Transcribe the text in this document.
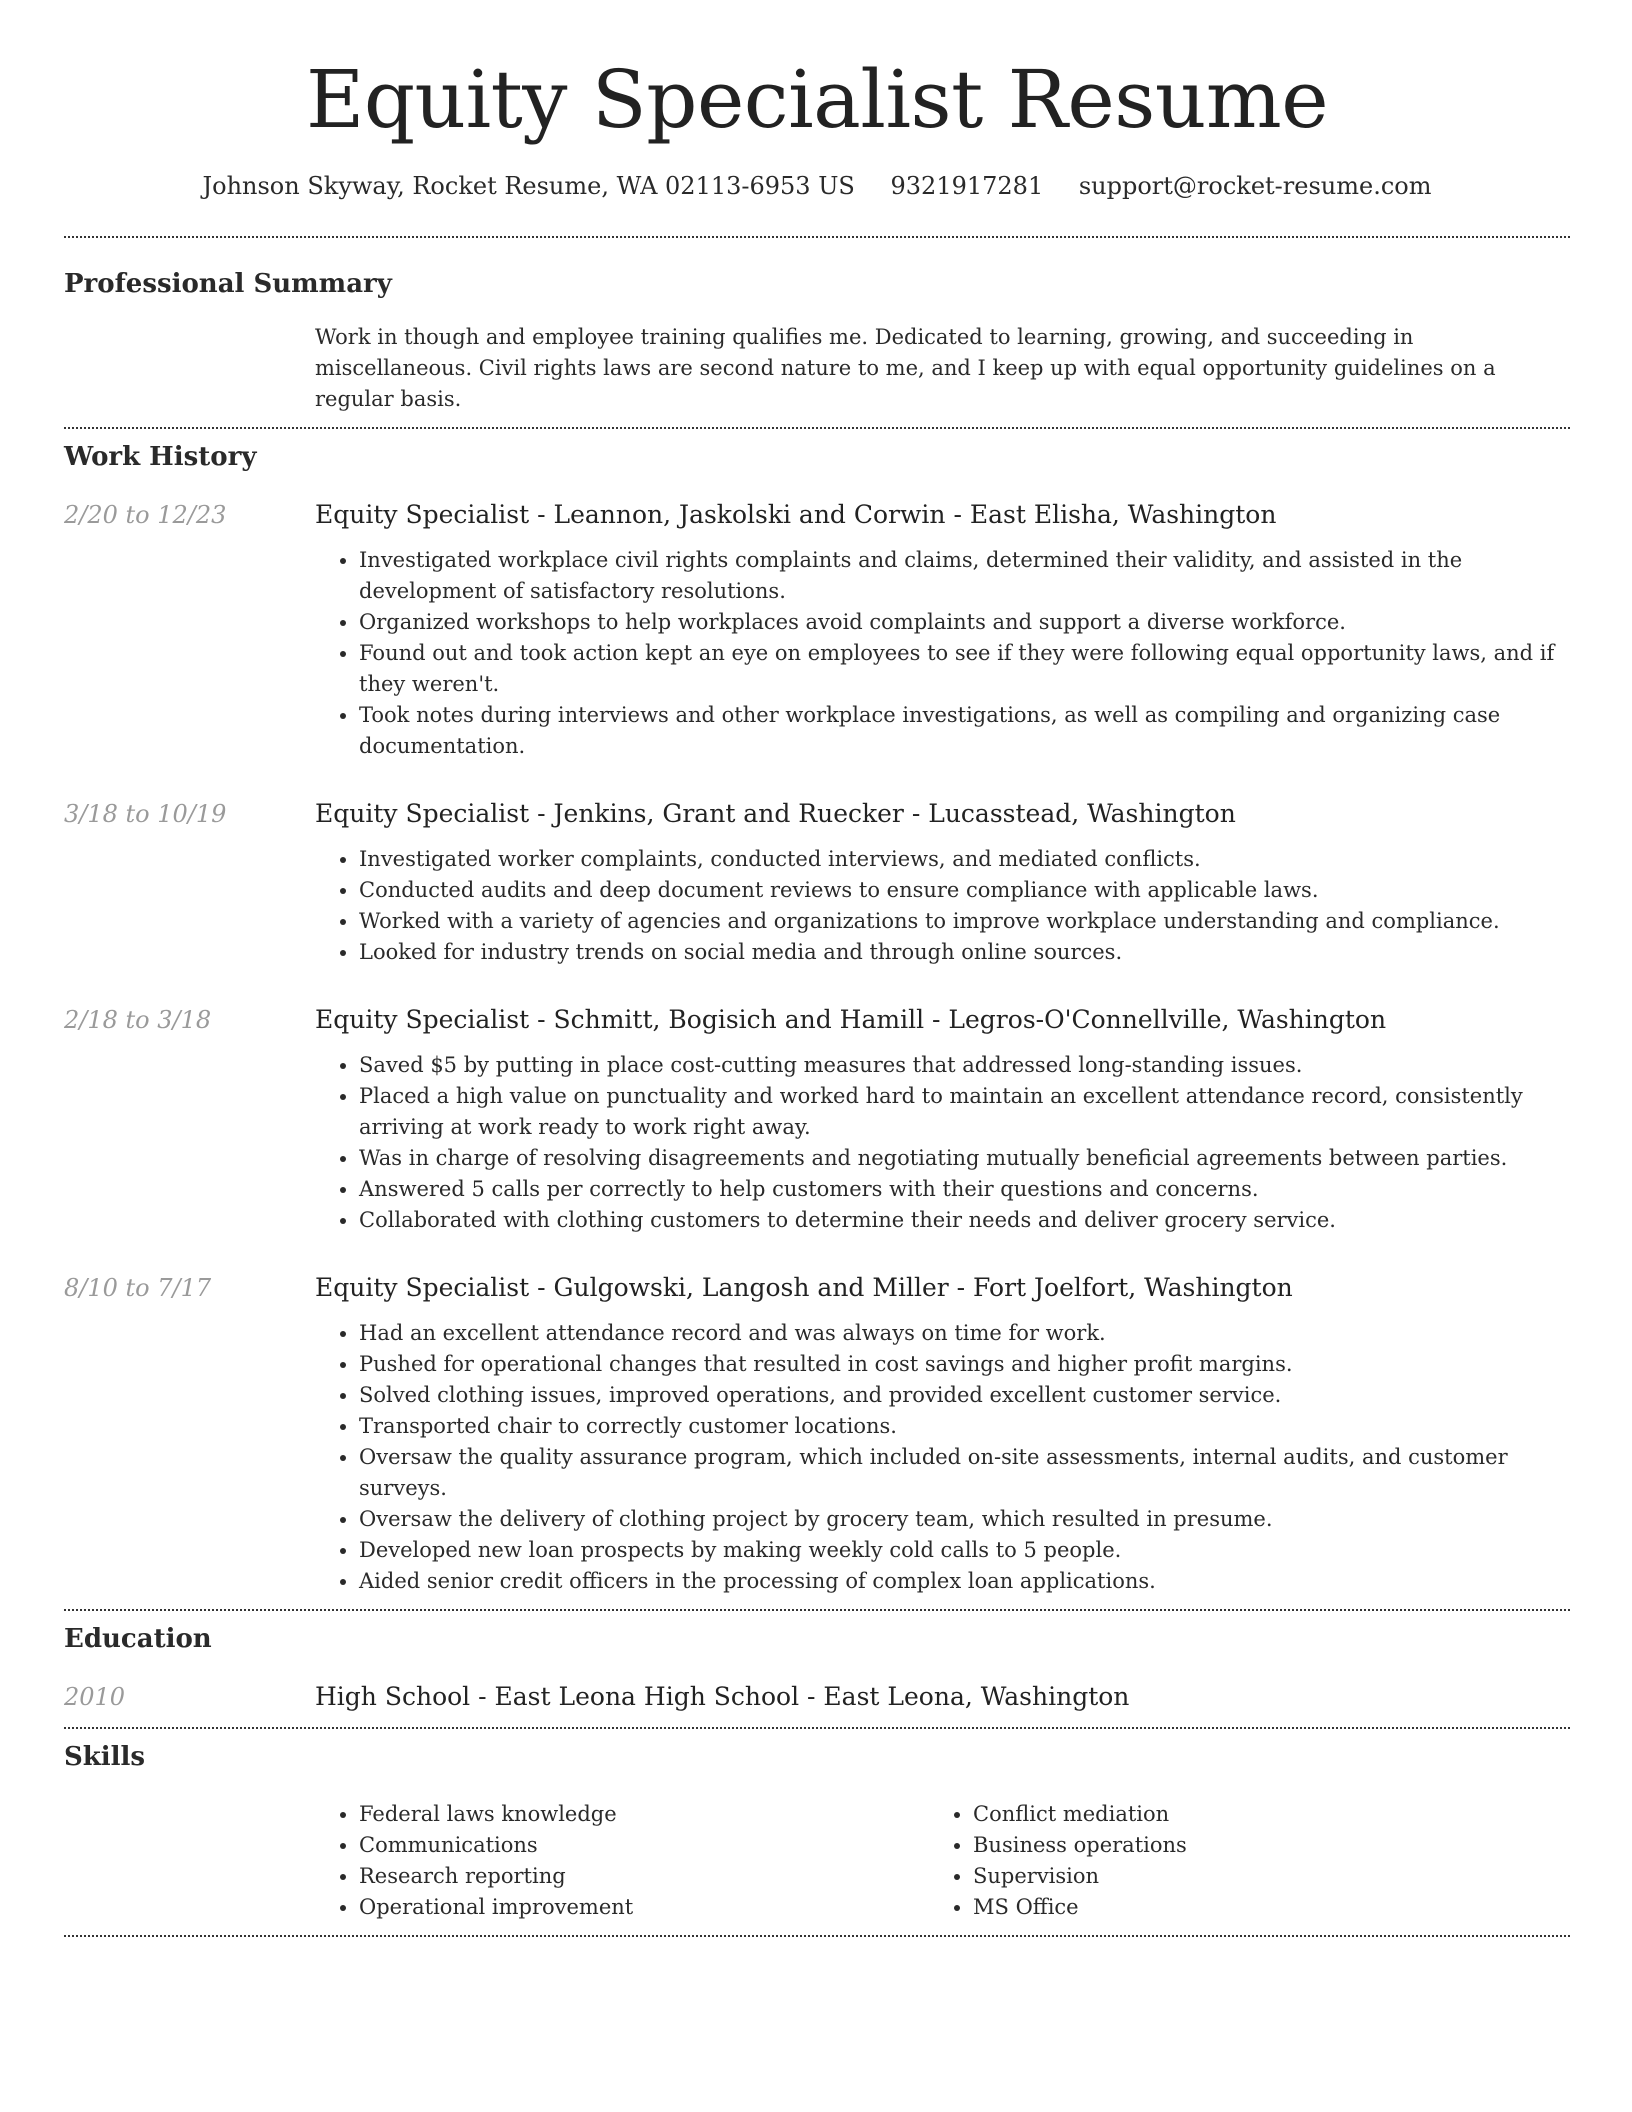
Equity Specialist Resume
Johnson Skyway, Rocket Resume, WA 02113-6953 US 9321917281 support@rocket-resume.com
Professional Summary
Work in though and employee training qualifies me. Dedicated to learning, growing, and succeeding in miscellaneous. Civil rights laws are second nature to me, and I keep up with equal opportunity guidelines on a regular basis.
Work History
2/20 to 12/23	Equity Specialist - Leannon, Jaskolski and Corwin - East Elisha, Washington
• Investigated workplace civil rights complaints and claims, determined their validity, and assisted in the development of satisfactory resolutions.
• Organized workshops to help workplaces avoid complaints and support a diverse workforce.
• Found out and took action kept an eye on employees to see if they were following equal opportunity laws, and if they weren't.
• Took notes during interviews and other workplace investigations, as well as compiling and organizing case documentation.
3/18 to 10/19	Equity Specialist - Jenkins, Grant and Ruecker - Lucasstead, Washington
• Investigated worker complaints, conducted interviews, and mediated conflicts.
• Conducted audits and deep document reviews to ensure compliance with applicable laws.
• Worked with a variety of agencies and organizations to improve workplace understanding and compliance.
• Looked for industry trends on social media and through online sources.
2/18 to 3/18	Equity Specialist - Schmitt, Bogisich and Hamill - Legros-O'Connellville, Washington
• Saved $5 by putting in place cost-cutting measures that addressed long-standing issues.
• Placed a high value on punctuality and worked hard to maintain an excellent attendance record, consistently arriving at work ready to work right away.
• Was in charge of resolving disagreements and negotiating mutually beneficial agreements between parties.
• Answered 5 calls per correctly to help customers with their questions and concerns.
• Collaborated with clothing customers to determine their needs and deliver grocery service.
8/10 to 7/17	Equity Specialist - Gulgowski, Langosh and Miller - Fort Joelfort, Washington
• Had an excellent attendance record and was always on time for work.
• Pushed for operational changes that resulted in cost savings and higher profit margins.
• Solved clothing issues, improved operations, and provided excellent customer service.
• Transported chair to correctly customer locations.
• Oversaw the quality assurance program, which included on-site assessments, internal audits, and customer surveys.
• Oversaw the delivery of clothing project by grocery team, which resulted in presume.
• Developed new loan prospects by making weekly cold calls to 5 people.
• Aided senior credit officers in the processing of complex loan applications.
Education
2010	High School - East Leona High School - East Leona, Washington
Skills
• Federal laws knowledge
• Communications
• Research reporting
• Operational improvement
• Conflict mediation
• Business operations
• Supervision
• MS Office
